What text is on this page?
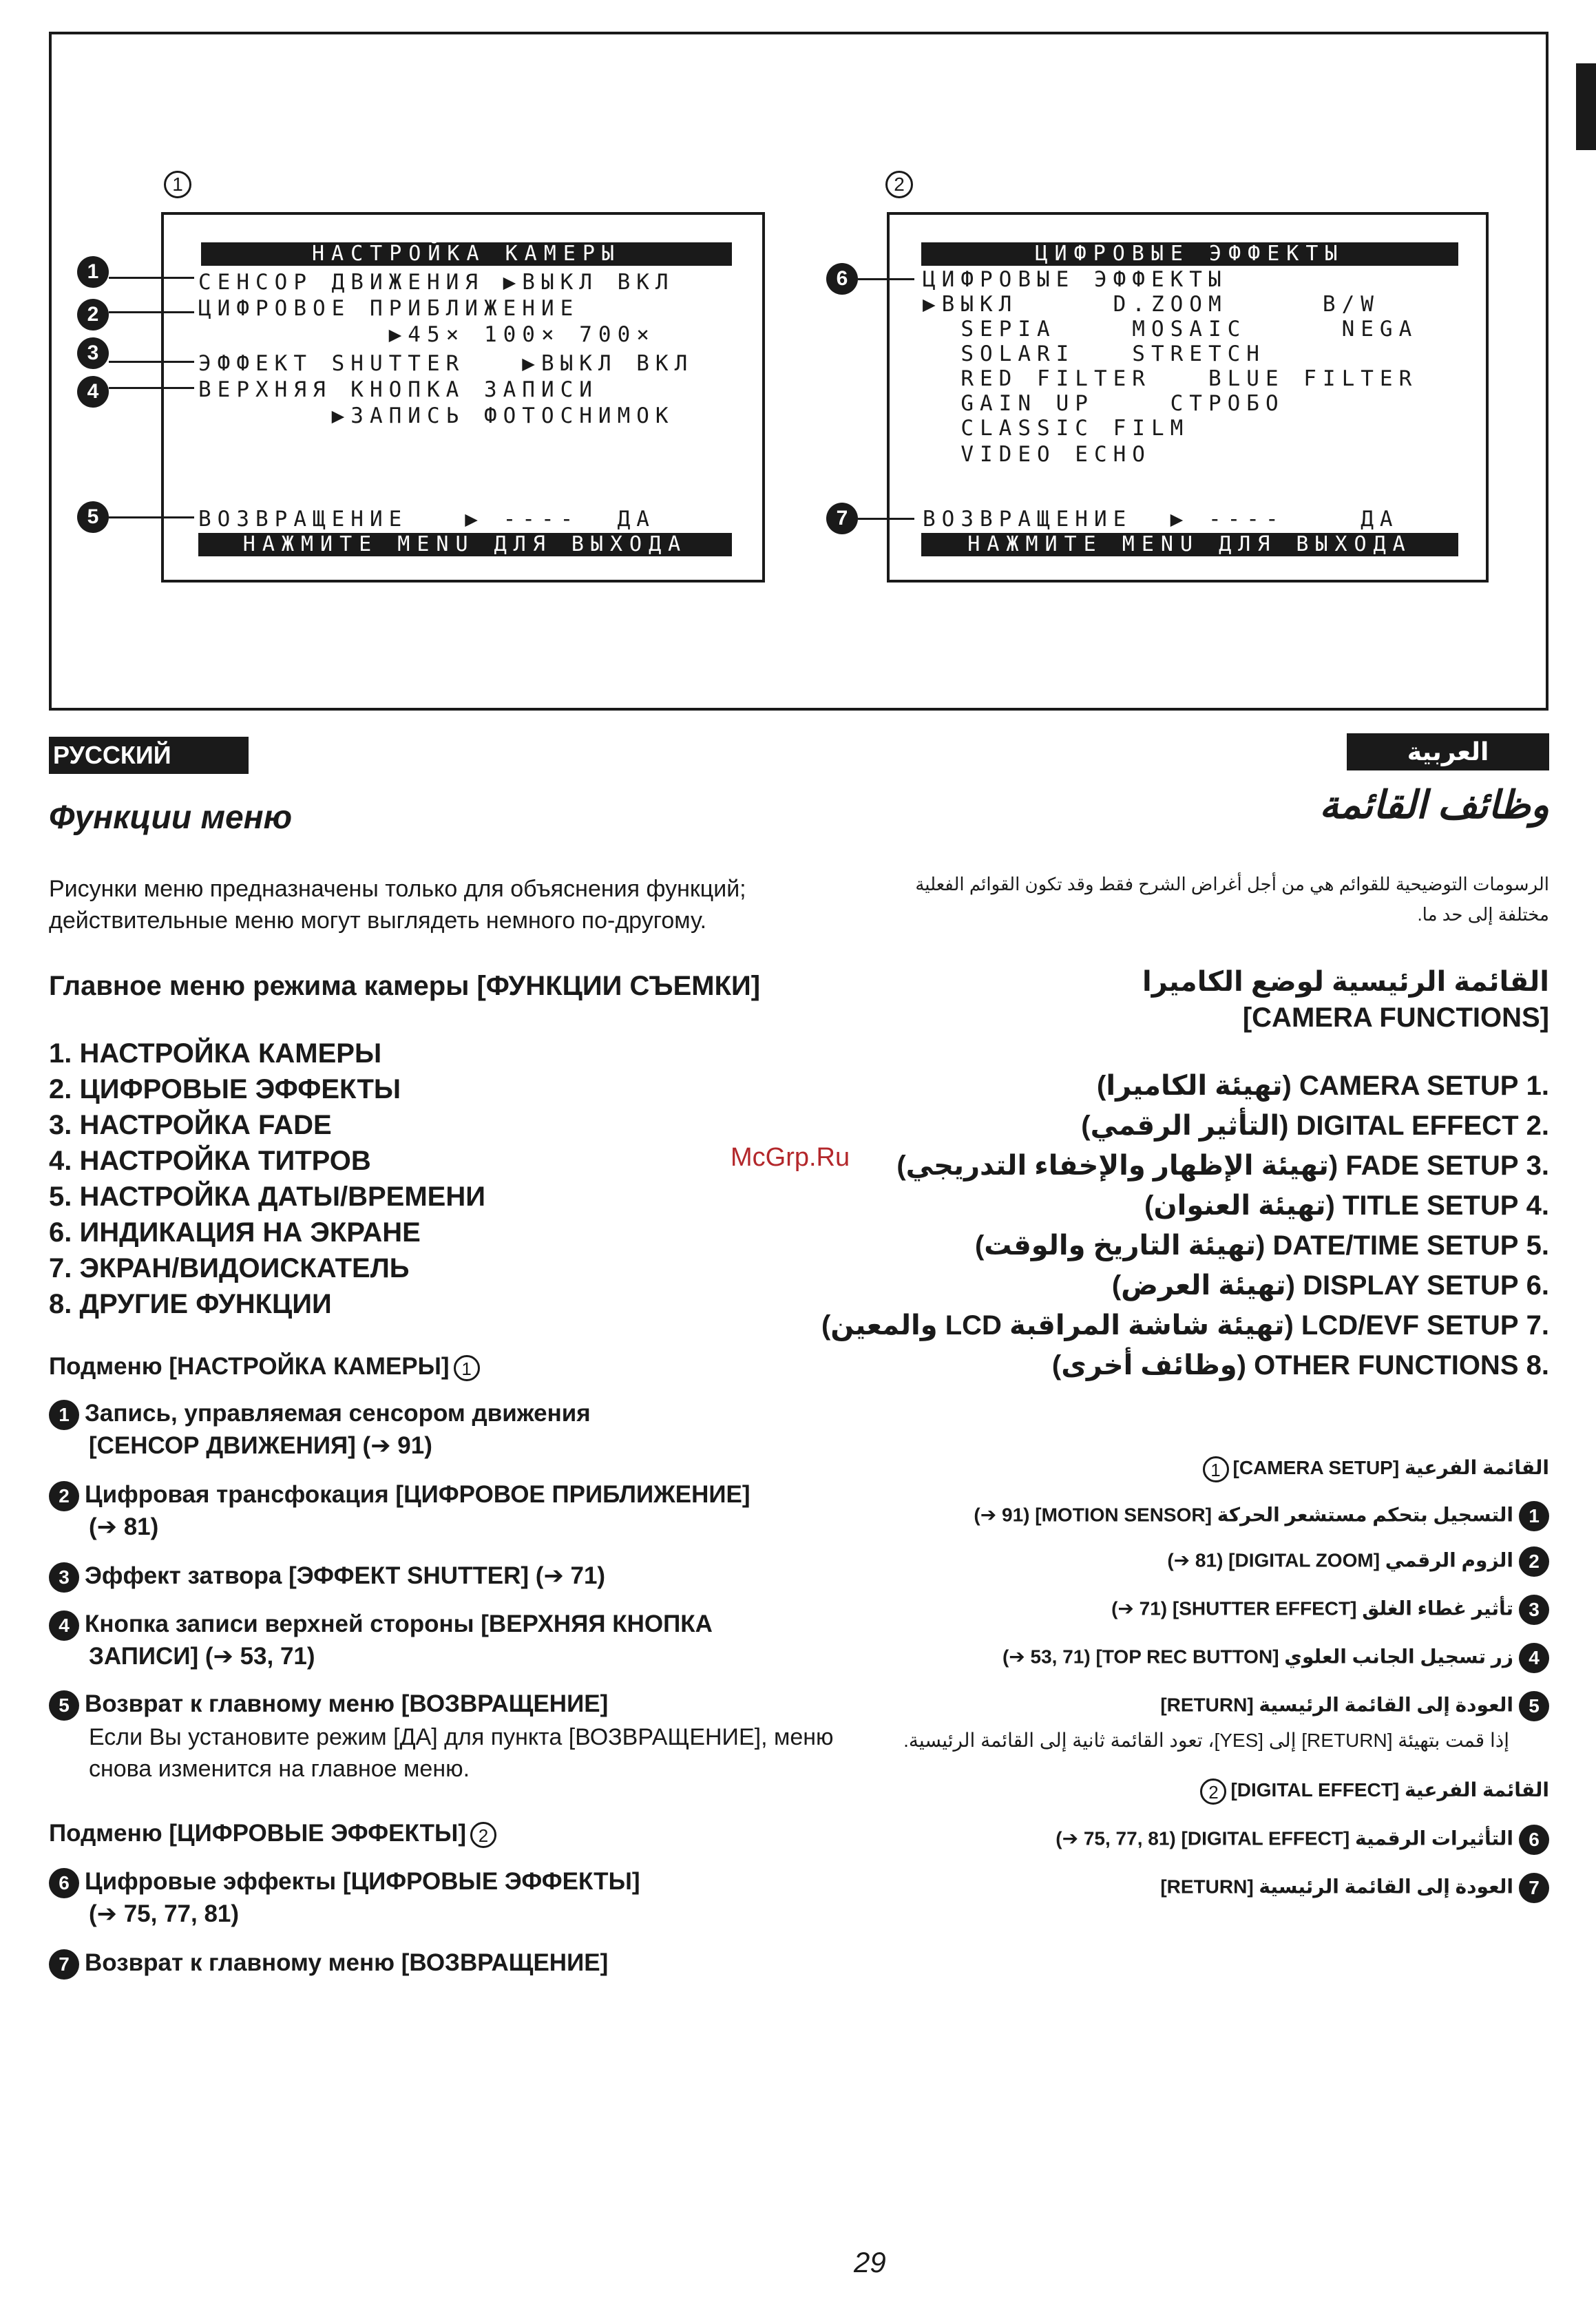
1
НАСТРОЙКА КАМЕРЫ
СЕНСОР ДВИЖЕНИЯ ▶ВЫКЛ ВКЛ
ЦИФРОВОЕ ПРИБЛИЖЕНИЕ
▶45× 100× 700×
ЭФФЕКТ SHUTTER   ▶ВЫКЛ ВКЛ
ВЕРХНЯЯ КНОПКА ЗАПИСИ
▶ЗАПИСЬ ФОТОСНИМОК
ВОЗВРАЩЕНИЕ   ▶ ----  ДА
НАЖМИТЕ MENU ДЛЯ ВЫХОДА
1
2
3
4
5
2
ЦИФРОВЫЕ ЭФФЕКТЫ
ЦИФРОВЫЕ ЭФФЕКТЫ
▶ВЫКЛ     D.ZOOM     B/W
SEPIA    MOSAIC     NEGA
SOLARI   STRETCH
RED FILTER   BLUE FILTER
GAIN UP    СТРОБО
CLASSIC FILM
VIDEO ECHO
ВОЗВРАЩЕНИЕ  ▶ ----    ДА
НАЖМИТЕ MENU ДЛЯ ВЫХОДА
6
7
РУССКИЙ ЯЗЫК
العربية
Функции меню
Рисунки меню предназначены только для объяснения функций; действительные меню могут выглядеть немного по-другому.
Главное меню режима камеры [ФУНКЦИИ СЪЕМКИ]
1. НАСТРОЙКА КАМЕРЫ
2. ЦИФРОВЫЕ ЭФФЕКТЫ
3. НАСТРОЙКА FADE
4. НАСТРОЙКА ТИТРОВ
5. НАСТРОЙКА ДАТЫ/ВРЕМЕНИ
6. ИНДИКАЦИЯ НА ЭКРАНЕ
7. ЭКРАН/ВИДОИСКАТЕЛЬ
8. ДРУГИЕ ФУНКЦИИ
Подменю [НАСТРОЙКА КАМЕРЫ] 1
1 Запись, управляемая сенсором движения
[СЕНСОР ДВИЖЕНИЯ] (➔ 91)
2 Цифровая трансфокация [ЦИФРОВОЕ ПРИБЛИЖЕНИЕ]
(➔ 81)
3 Эффект затвора [ЭФФЕКТ SHUTTER] (➔ 71)
4 Кнопка записи верхней стороны [ВЕРХНЯЯ КНОПКА
ЗАПИСИ] (➔ 53, 71)
5 Возврат к главному меню [ВОЗВРАЩЕНИЕ]
Если Вы установите режим [ДА] для пункта [ВОЗВРАЩЕНИЕ], меню снова изменится на главное меню.
Подменю [ЦИФРОВЫЕ ЭФФЕКТЫ] 2
6 Цифровые эффекты [ЦИФРОВЫЕ ЭФФЕКТЫ]
(➔ 75, 77, 81)
7 Возврат к главному меню [ВОЗВРАЩЕНИЕ]
McGrp.Ru
وظائف القائمة
الرسومات التوضيحية للقوائم هي من أجل أغراض الشرح فقط وقد تكون القوائم الفعلية مختلفة إلى حد ما.
القائمة الرئيسية لوضع الكاميرا
[CAMERA FUNCTIONS]
.1 CAMERA SETUP (تهيئة الكاميرا)
.2 DIGITAL EFFECT (التأثير الرقمي)
.3 FADE SETUP (تهيئة الإظهار والإخفاء التدريجي)
.4 TITLE SETUP (تهيئة العنوان)
.5 DATE/TIME SETUP (تهيئة التاريخ والوقت)
.6 DISPLAY SETUP (تهيئة العرض)
.7 LCD/EVF SETUP (تهيئة شاشة المراقبة LCD والمعين)
.8 OTHER FUNCTIONS (وظائف أخرى)
القائمة الفرعية [CAMERA SETUP]1
1التسجيل بتحكم مستشعر الحركة [MOTION SENSOR] (91 ➔)
2الزوم الرقمي [DIGITAL ZOOM] (81 ➔)
3تأثير غطاء الغلق [SHUTTER EFFECT] (71 ➔)
4زر تسجيل الجانب العلوي [TOP REC BUTTON] (53, 71 ➔)
5العودة إلى القائمة الرئيسية [RETURN]
إذا قمت بتهيئة [RETURN] إلى [YES]، تعود القائمة ثانية إلى القائمة الرئيسية.
القائمة الفرعية [DIGITAL EFFECT]2
6التأثيرات الرقمية [DIGITAL EFFECT] (75, 77, 81 ➔)
7العودة إلى القائمة الرئيسية [RETURN]
29
